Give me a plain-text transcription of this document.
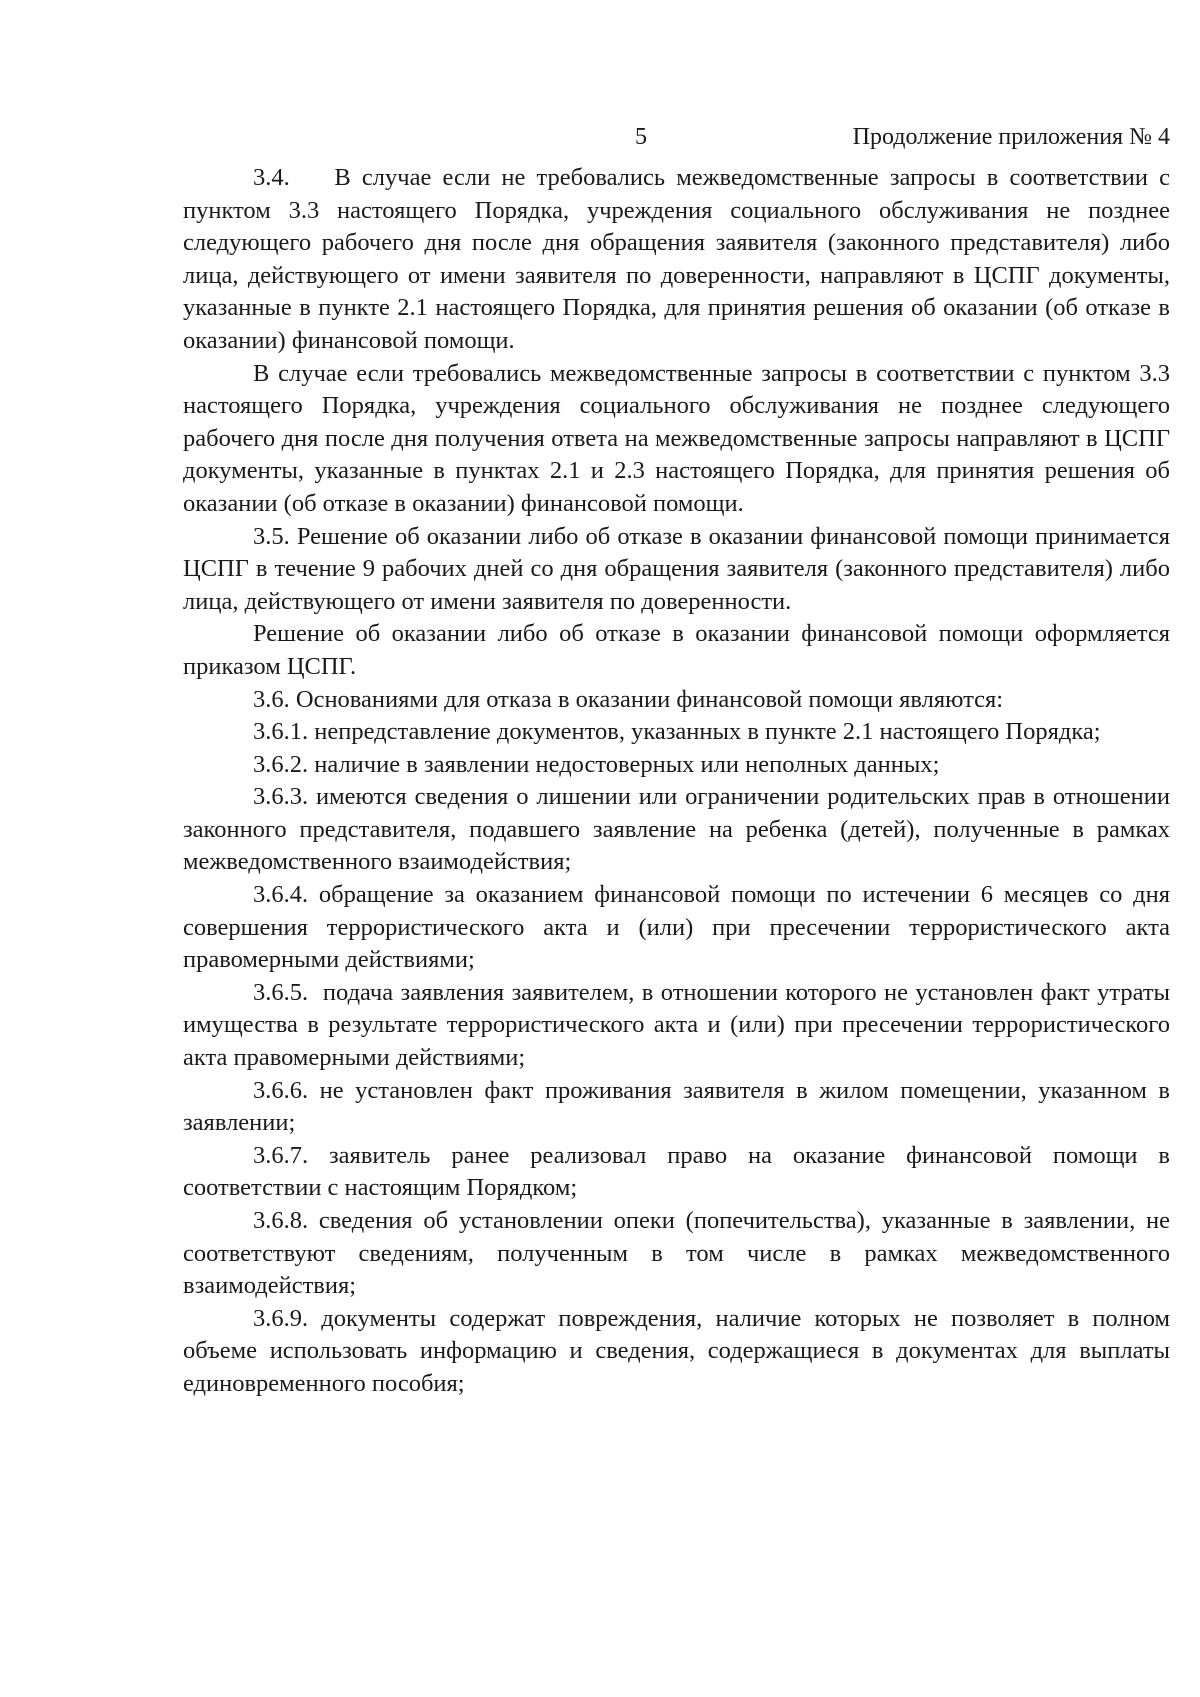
5	Продолжение приложения № 4

3.4.    В случае если не требовались межведомственные запросы в соответствии с пунктом 3.3 настоящего Порядка, учреждения социального обслуживания не позднее следующего рабочего дня после дня обращения заявителя (законного представителя) либо лица, действующего от имени заявителя по доверенности, направляют в ЦСПГ документы, указанные в пункте 2.1 настоящего Порядка, для принятия решения об оказании (об отказе в оказании) финансовой помощи.

В случае если требовались межведомственные запросы в соответствии с пунктом 3.3 настоящего Порядка, учреждения социального обслуживания не позднее следующего рабочего дня после дня получения ответа на межведомственные запросы направляют в ЦСПГ документы, указанные в пунктах 2.1 и 2.3 настоящего Порядка, для принятия решения об оказании (об отказе в оказании) финансовой помощи.

3.5. Решение об оказании либо об отказе в оказании финансовой помощи принимается ЦСПГ в течение 9 рабочих дней со дня обращения заявителя (законного представителя) либо лица, действующего от имени заявителя по доверенности.

Решение об оказании либо об отказе в оказании финансовой помощи оформляется приказом ЦСПГ.

3.6. Основаниями для отказа в оказании финансовой помощи являются:

3.6.1. непредставление документов, указанных в пункте 2.1 настоящего Порядка;

3.6.2. наличие в заявлении недостоверных или неполных данных;

3.6.3. имеются сведения о лишении или ограничении родительских прав в отношении законного представителя, подавшего заявление на ребенка (детей), полученные в рамках межведомственного взаимодействия;

3.6.4. обращение за оказанием финансовой помощи по истечении 6 месяцев со дня совершения террористического акта и (или) при пресечении террористического акта правомерными действиями;

3.6.5.  подача заявления заявителем, в отношении которого не установлен факт утраты имущества в результате террористического акта и (или) при пресечении террористического акта правомерными действиями;

3.6.6. не установлен факт проживания заявителя в жилом помещении, указанном в заявлении;

3.6.7. заявитель ранее реализовал право на оказание финансовой помощи в соответствии с настоящим Порядком;

3.6.8. сведения об установлении опеки (попечительства), указанные в заявлении, не соответствуют сведениям, полученным в том числе в рамках межведомственного взаимодействия;

3.6.9. документы содержат повреждения, наличие которых не позволяет в полном объеме использовать информацию и сведения, содержащиеся в документах для выплаты единовременного пособия;
